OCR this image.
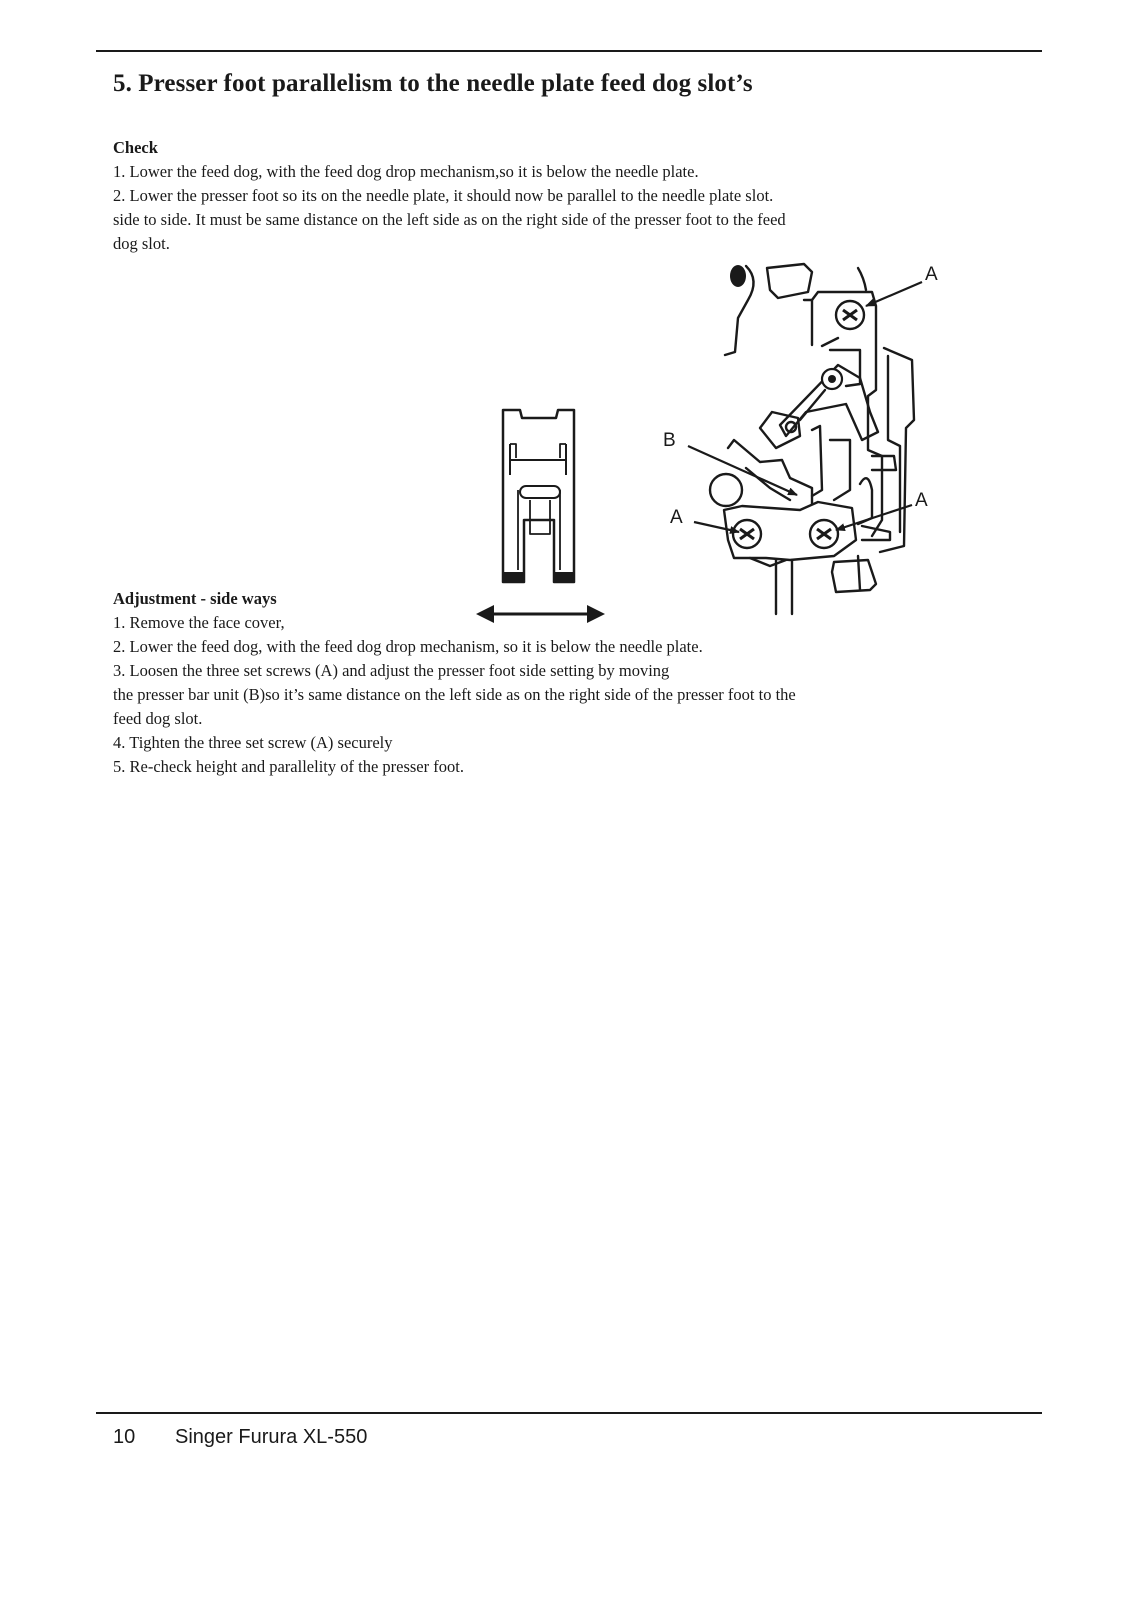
5. Presser foot parallelism to the needle plate feed dog slot’s

Check

1. Lower the feed dog, with the feed dog drop mechanism,so it is below the needle plate.

2. Lower the presser foot so its on the needle plate, it should now be parallel to the needle plate slot.

side to side. It must be same distance on the left side as on the right side of the presser foot to the feed

dog slot.

A
B
A
A

Adjustment - side ways

1. Remove the face cover,

2. Lower the feed dog, with the feed dog drop mechanism, so it is below the needle plate.

3. Loosen the three set screws (A) and adjust the presser foot side setting by moving

the presser bar unit (B)so it’s same distance on the left side as on the right side of the presser foot to the

feed dog slot.

4. Tighten the three set screw (A) securely

5. Re-check height and parallelity of the presser foot.

10 Singer Furura XL-550
